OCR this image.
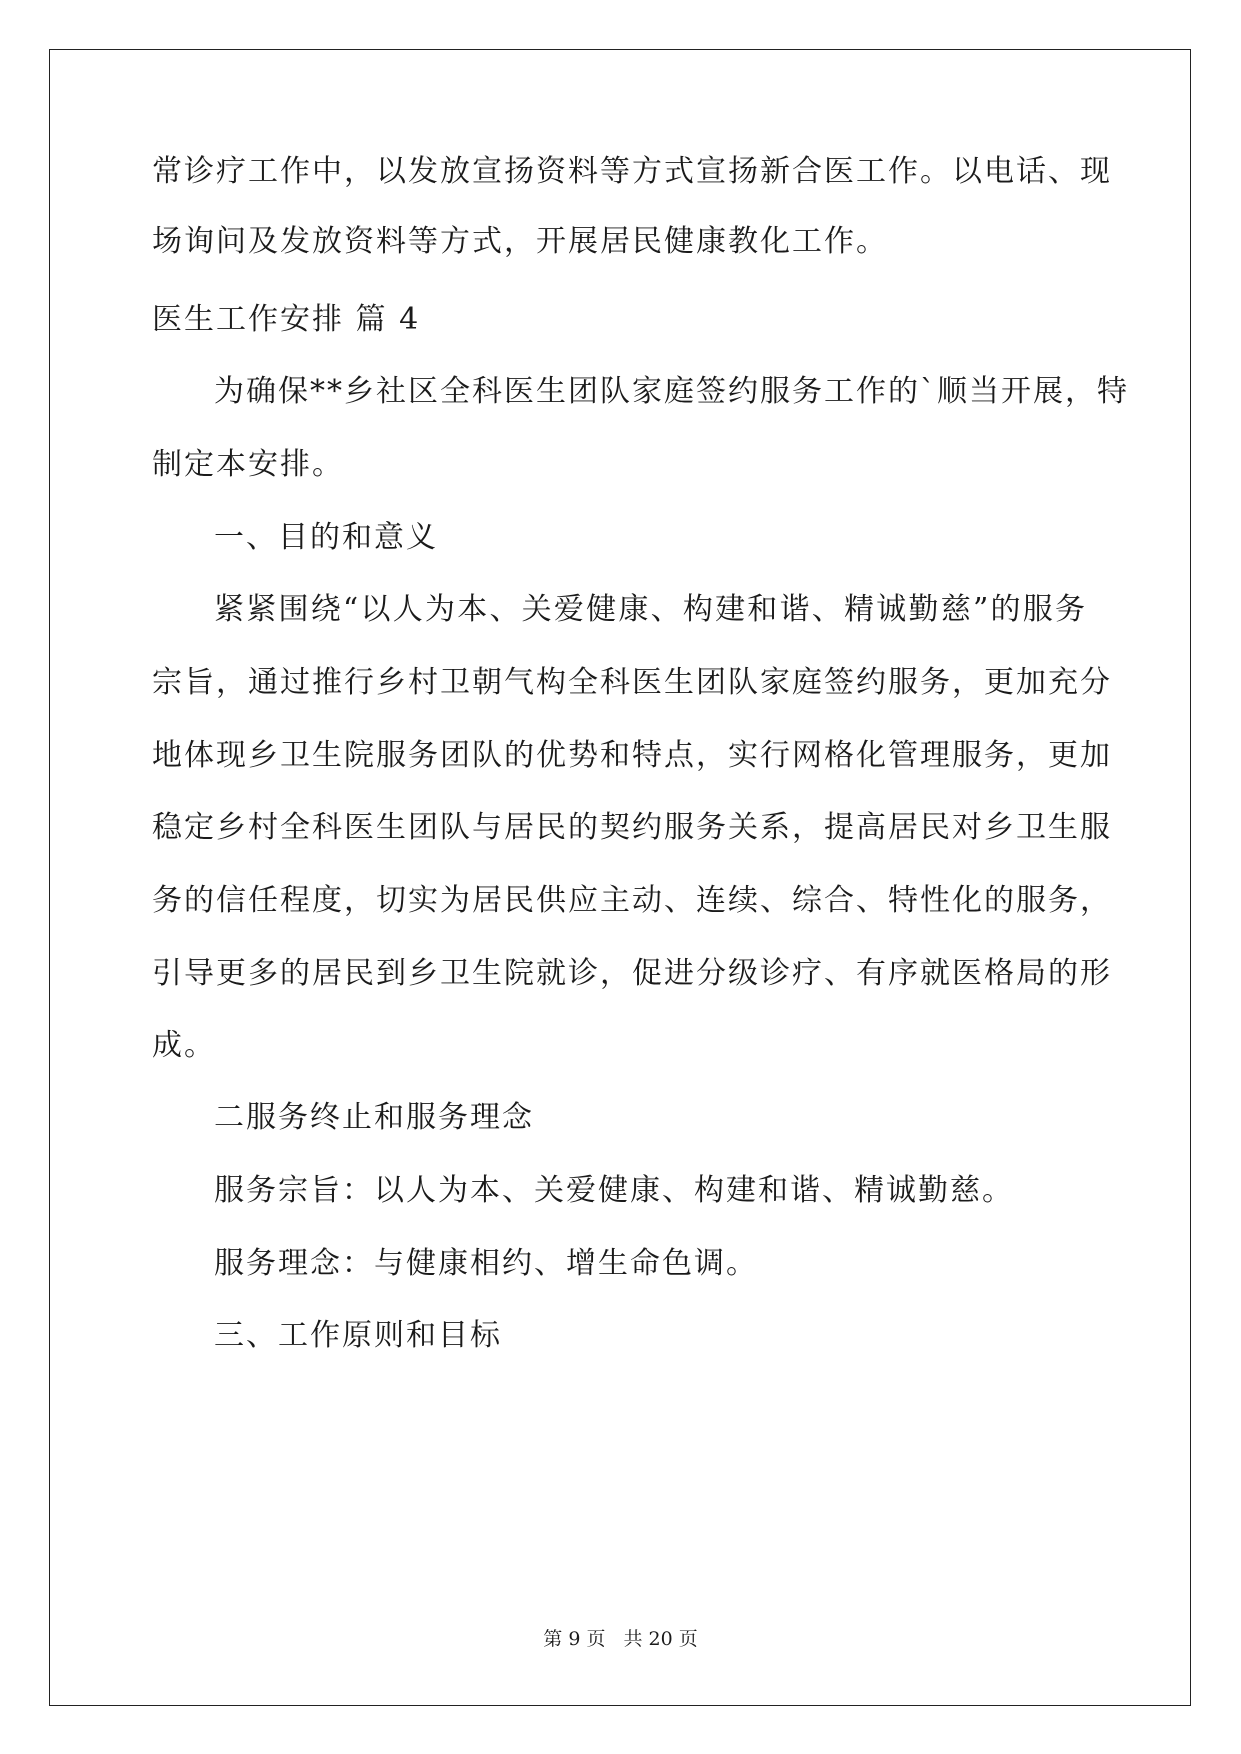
常诊疗工作中，以发放宣扬资料等方式宣扬新合医工作。以电话、现
场询问及发放资料等方式，开展居民健康教化工作。
医生工作安排 篇 4
为确保**乡社区全科医生团队家庭签约服务工作的`顺当开展，特
制定本安排。
一、目的和意义
紧紧围绕“以人为本、关爱健康、构建和谐、精诚勤慈”的服务
宗旨，通过推行乡村卫朝气构全科医生团队家庭签约服务，更加充分
地体现乡卫生院服务团队的优势和特点，实行网格化管理服务，更加
稳定乡村全科医生团队与居民的契约服务关系，提高居民对乡卫生服
务的信任程度，切实为居民供应主动、连续、综合、特性化的服务，
引导更多的居民到乡卫生院就诊，促进分级诊疗、有序就医格局的形
成。
二服务终止和服务理念
服务宗旨：以人为本、关爱健康、构建和谐、精诚勤慈。
服务理念：与健康相约、增生命色调。
三、工作原则和目标
第 9 页 共 20 页
